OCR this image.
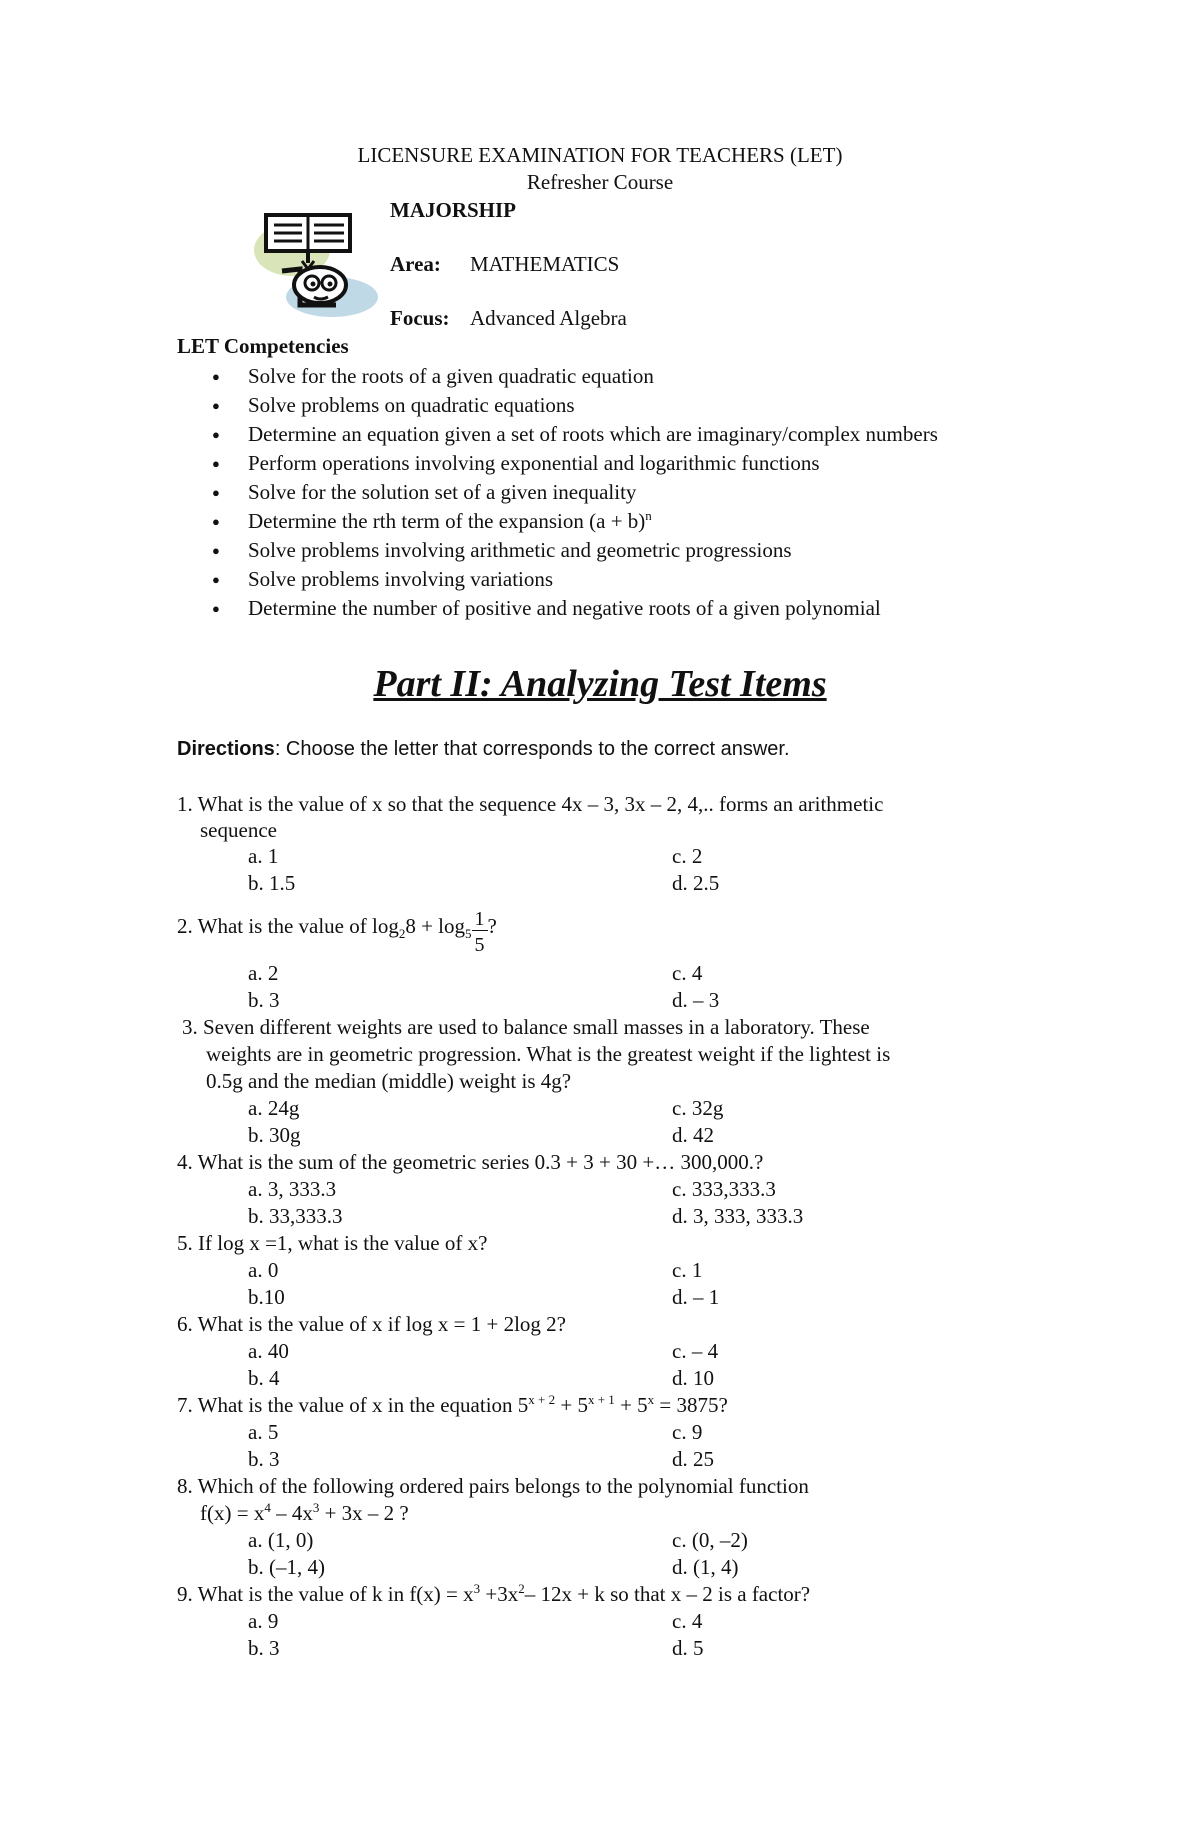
LICENSURE EXAMINATION FOR TEACHERS (LET)
Refresher Course
MAJORSHIP
Area: MATHEMATICS
Focus: Advanced Algebra
LET Competencies
● Solve for the roots of a given quadratic equation
● Solve problems on quadratic equations
● Determine an equation given a set of roots which are imaginary/complex numbers
● Perform operations involving exponential and logarithmic functions
● Solve for the solution set of a given inequality
● Determine the rth term of the expansion $(a + b)^n$
● Solve problems involving arithmetic and geometric progressions
● Solve problems involving variations
● Determine the number of positive and negative roots of a given polynomial
Part II: Analyzing Test Items
Directions: Choose the letter that corresponds to the correct answer.
1. What is the value of x so that the sequence 4x – 3, 3x – 2, 4,.. forms an arithmetic
sequence
a. 1	c. 2
b. 1.5	d. 2.5
2. What is the value of $\log_28 + \log_5 \frac{1}{5}$ ?
a. 2	c. 4
b. 3	d. – 3
3. Seven different weights are used to balance small masses in a laboratory. These
weights are in geometric progression. What is the greatest weight if the lightest is
0.5g and the median (middle) weight is 4g?
a. 24g	c. 32g
b. 30g	d. 42
4. What is the sum of the geometric series 0.3 + 3 + 30 +… 300,000.?
a. 3, 333.3	c. 333,333.3
b. 33,333.3	d. 3, 333, 333.3
5. If log x =1, what is the value of x?
a. 0	c. 1
b.10	d. – 1
6. What is the value of x if log x = 1 + 2log 2?
a. 40	c. – 4
b. 4	d. 10
7. What is the value of x in the equation $5^{x + 2} + 5^{x + 1} + 5^x = 3875$?
a. 5	c. 9
b. 3	d. 25
8. Which of the following ordered pairs belongs to the polynomial function
$f(x) = x^4 - 4x^3 + 3x - 2$ ?
a. (1, 0)	c. (0, –2)
b. (–1, 4)	d. (1, 4)
9. What is the value of k in $f(x) = x^3 +3x^2-$ 12x + k so that x – 2 is a factor?
a. 9	c. 4
b. 3	d. 5
